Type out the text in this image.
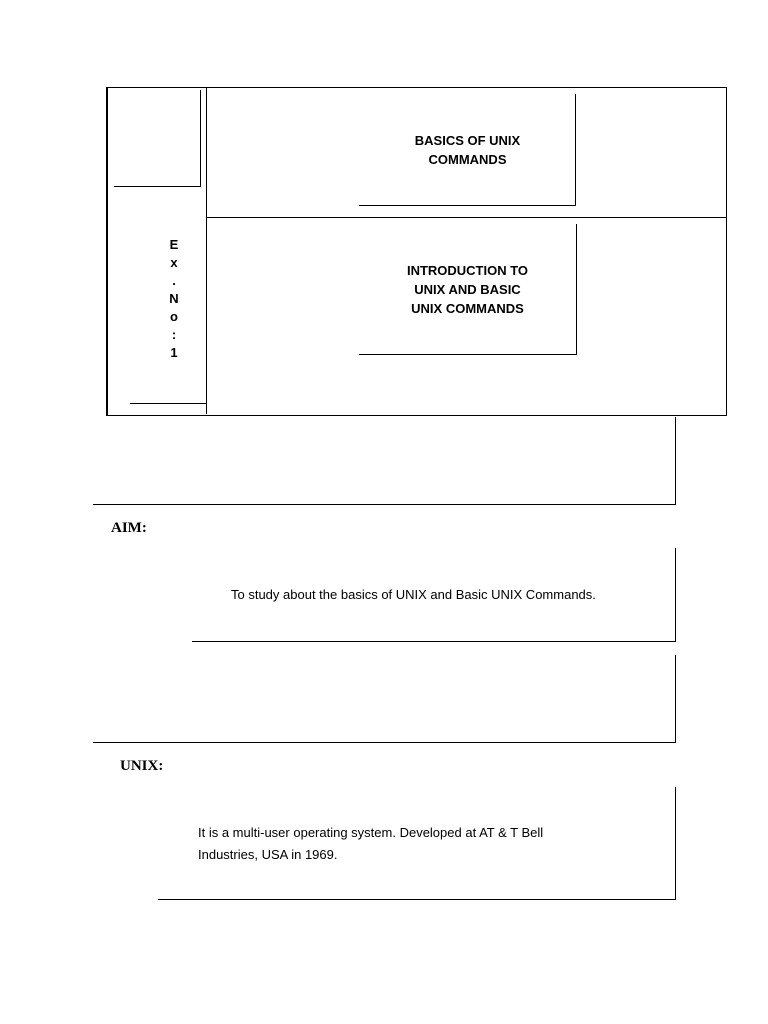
BASICS OF UNIX
COMMANDS
INTRODUCTION TO
UNIX AND BASIC
UNIX COMMANDS
E
x
.
N
o
:
1
AIM:
To study about the basics of UNIX and Basic UNIX Commands.
UNIX:
It is a multi-user operating system. Developed at AT & T Bell
Industries, USA in 1969.
